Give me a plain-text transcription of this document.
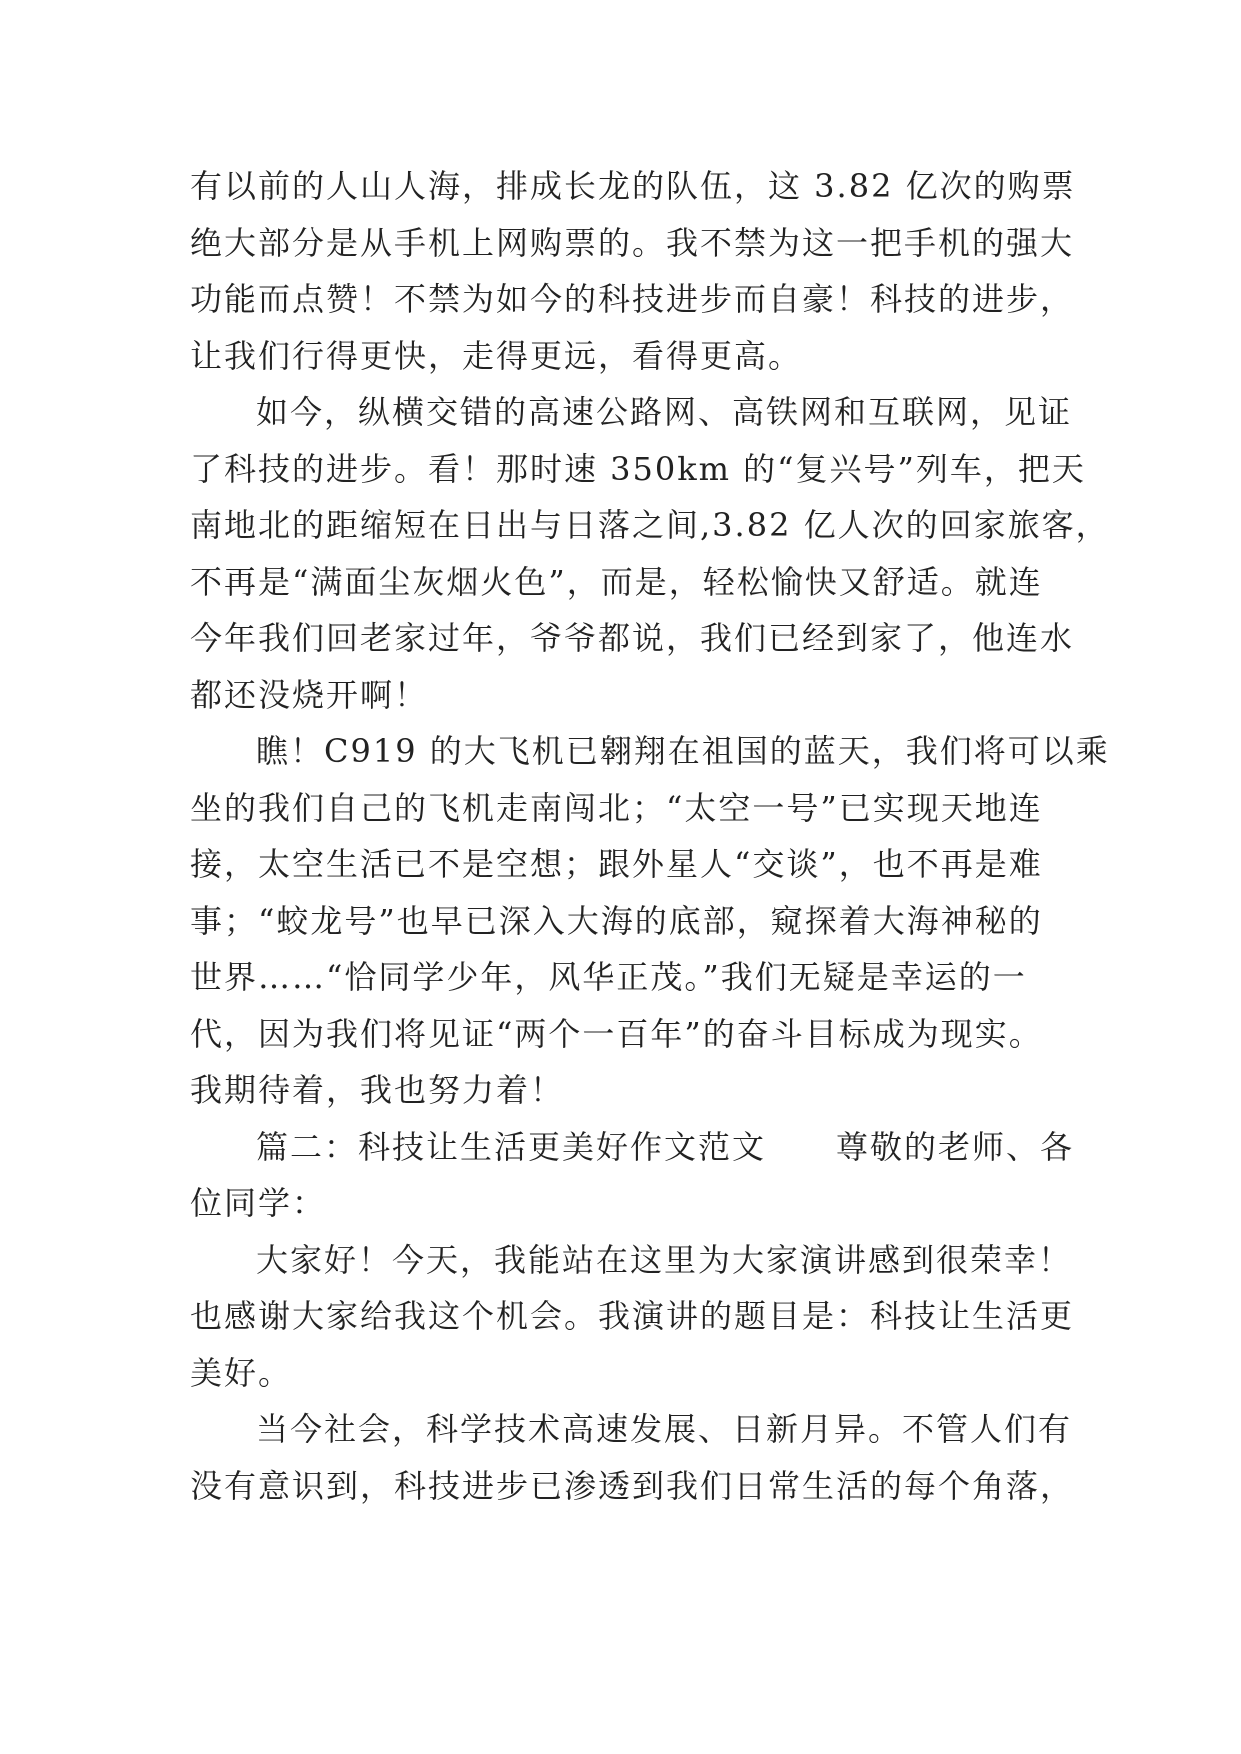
有以前的人山人海，排成长龙的队伍，这 3.82 亿次的购票
绝大部分是从手机上网购票的。我不禁为这一把手机的强大
功能而点赞！不禁为如今的科技进步而自豪！科技的进步，
让我们行得更快，走得更远，看得更高。
如今，纵横交错的高速公路网、高铁网和互联网，见证
了科技的进步。看！那时速 350km 的“复兴号”列车，把天
南地北的距缩短在日出与日落之间,3.82 亿人次的回家旅客，
不再是“满面尘灰烟火色”，而是，轻松愉快又舒适。就连
今年我们回老家过年，爷爷都说，我们已经到家了，他连水
都还没烧开啊！
瞧！C919 的大飞机已翱翔在祖国的蓝天，我们将可以乘
坐的我们自己的飞机走南闯北；“太空一号”已实现天地连
接，太空生活已不是空想；跟外星人“交谈”，也不再是难
事；“蛟龙号”也早已深入大海的底部，窥探着大海神秘的
世界……“恰同学少年，风华正茂。”我们无疑是幸运的一
代，因为我们将见证“两个一百年”的奋斗目标成为现实。
我期待着，我也努力着！
篇二：科技让生活更美好作文范文 尊敬的老师、各
位同学：
大家好！今天，我能站在这里为大家演讲感到很荣幸！
也感谢大家给我这个机会。我演讲的题目是：科技让生活更
美好。
当今社会，科学技术高速发展、日新月异。不管人们有
没有意识到，科技进步已渗透到我们日常生活的每个角落，
